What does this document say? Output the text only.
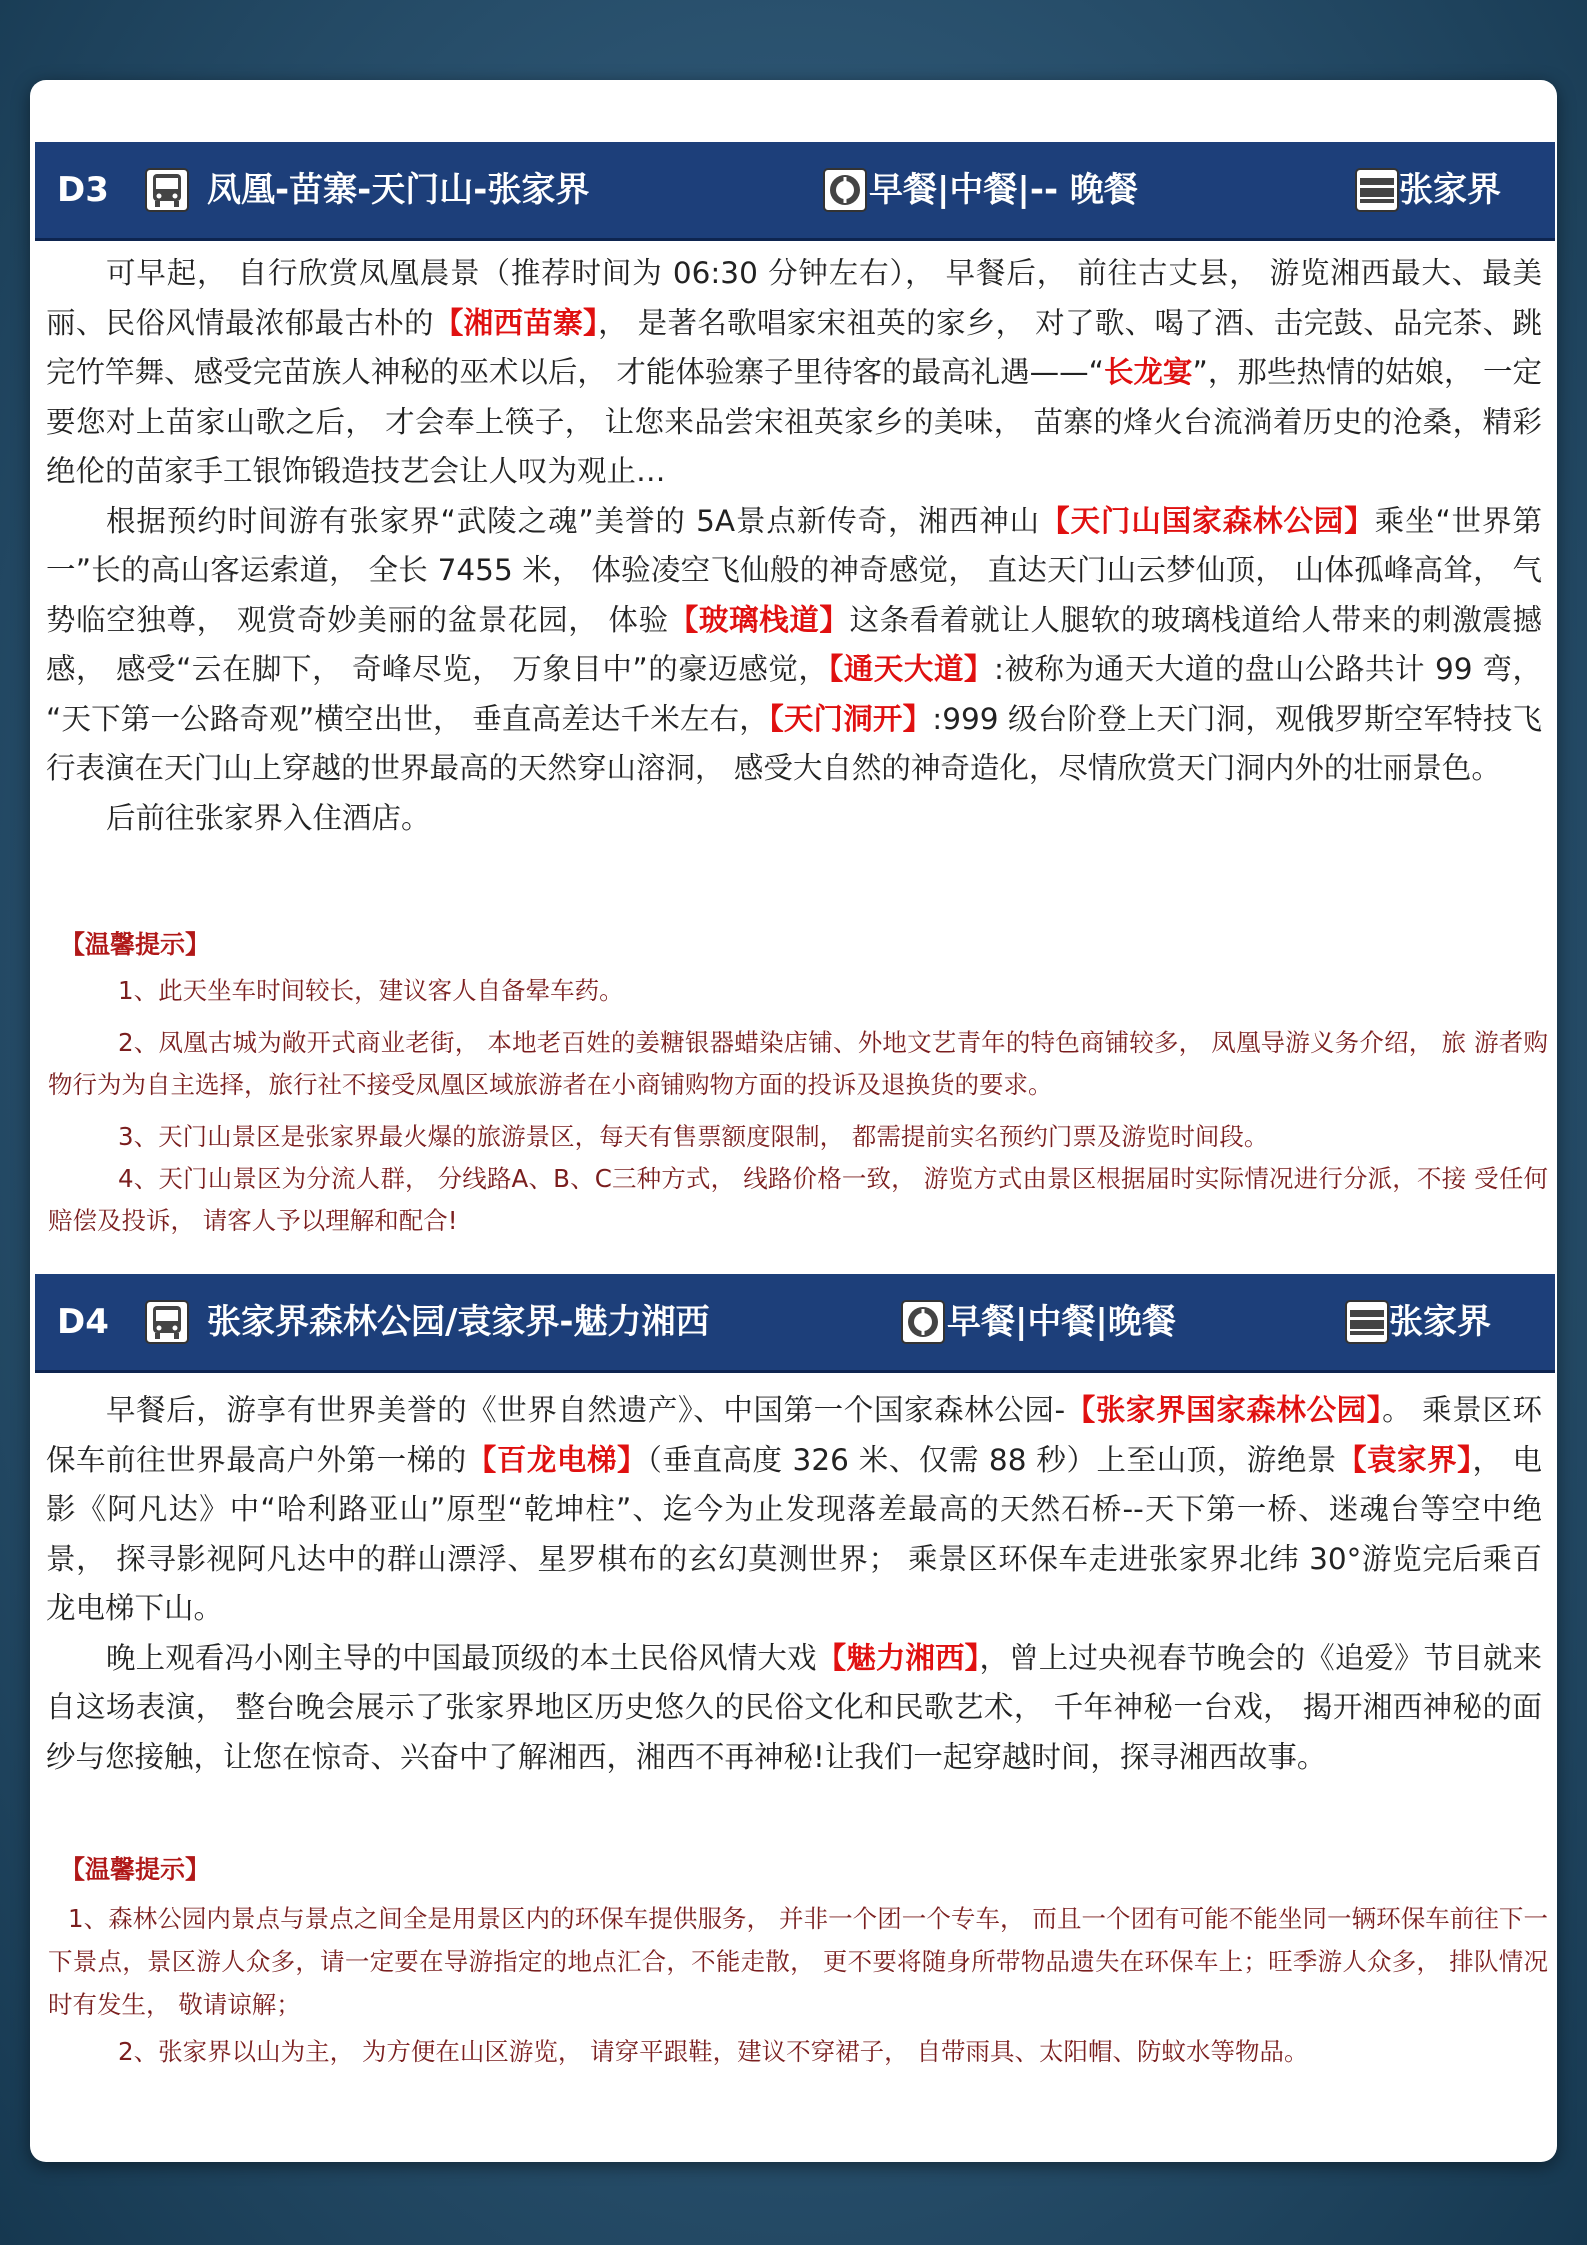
D3	凤凰-苗寨-天门山-张家界	早餐|中餐|-- 晚餐	张家界

可早起， 自行欣赏凤凰晨景（推荐时间为 06:30 分钟左右）， 早餐后， 前往古丈县， 游览湘西最大、最美丽、民俗风情最浓郁最古朴的【湘西苗寨】， 是著名歌唱家宋祖英的家乡， 对了歌、喝了酒、击完鼓、品完茶、跳完竹竿舞、感受完苗族人神秘的巫术以后， 才能体验寨子里待客的最高礼遇——“长龙宴”，那些热情的姑娘， 一定要您对上苗家山歌之后， 才会奉上筷子， 让您来品尝宋祖英家乡的美味， 苗寨的烽火台流淌着历史的沧桑，精彩绝伦的苗家手工银饰锻造技艺会让人叹为观止…

根据预约时间游有张家界“武陵之魂”美誉的 5A景点新传奇，湘西神山【天门山国家森林公园】乘坐“世界第一”长的高山客运索道， 全长 7455 米， 体验凌空飞仙般的神奇感觉， 直达天门山云梦仙顶， 山体孤峰高耸， 气势临空独尊， 观赏奇妙美丽的盆景花园， 体验【玻璃栈道】这条看着就让人腿软的玻璃栈道给人带来的刺激震撼感， 感受“云在脚下， 奇峰尽览， 万象目中”的豪迈感觉，【通天大道】:被称为通天大道的盘山公路共计 99 弯， “天下第一公路奇观”横空出世， 垂直高差达千米左右，【天门洞开】:999 级台阶登上天门洞，观俄罗斯空军特技飞行表演在天门山上穿越的世界最高的天然穿山溶洞， 感受大自然的神奇造化，尽情欣赏天门洞内外的壮丽景色。

后前往张家界入住酒店。

【温馨提示】

1、此天坐车时间较长，建议客人自备晕车药。

2、凤凰古城为敞开式商业老街， 本地老百姓的姜糖银器蜡染店铺、外地文艺青年的特色商铺较多， 凤凰导游义务介绍， 旅 游者购物行为为自主选择，旅行社不接受凤凰区域旅游者在小商铺购物方面的投诉及退换货的要求。

3、天门山景区是张家界最火爆的旅游景区，每天有售票额度限制， 都需提前实名预约门票及游览时间段。

4、天门山景区为分流人群， 分线路A、B、C三种方式， 线路价格一致， 游览方式由景区根据届时实际情况进行分派，不接 受任何赔偿及投诉， 请客人予以理解和配合!

D4	张家界森林公园/袁家界-魅力湘西	早餐|中餐|晚餐	张家界

早餐后，游享有世界美誉的《世界自然遗产》、中国第一个国家森林公园-【张家界国家森林公园】。 乘景区环保车前往世界最高户外第一梯的【百龙电梯】（垂直高度 326 米、仅需 88 秒）上至山顶，游绝景【袁家界】， 电影《阿凡达》中“哈利路亚山”原型“乾坤柱”、迄今为止发现落差最高的天然石桥--天下第一桥、迷魂台等空中绝景， 探寻影视阿凡达中的群山漂浮、星罗棋布的玄幻莫测世界； 乘景区环保车走进张家界北纬 30°游览完后乘百龙电梯下山。

晚上观看冯小刚主导的中国最顶级的本土民俗风情大戏【魅力湘西】，曾上过央视春节晚会的《追爱》节目就来自这场表演， 整台晚会展示了张家界地区历史悠久的民俗文化和民歌艺术， 千年神秘一台戏， 揭开湘西神秘的面纱与您接触，让您在惊奇、兴奋中了解湘西，湘西不再神秘!让我们一起穿越时间，探寻湘西故事。

【温馨提示】

1、森林公园内景点与景点之间全是用景区内的环保车提供服务， 并非一个团一个专车， 而且一个团有可能不能坐同一辆环保车前往下一下景点，景区游人众多，请一定要在导游指定的地点汇合，不能走散， 更不要将随身所带物品遗失在环保车上；旺季游人众多， 排队情况时有发生， 敬请谅解；

2、张家界以山为主， 为方便在山区游览， 请穿平跟鞋，建议不穿裙子， 自带雨具、太阳帽、防蚊水等物品。
